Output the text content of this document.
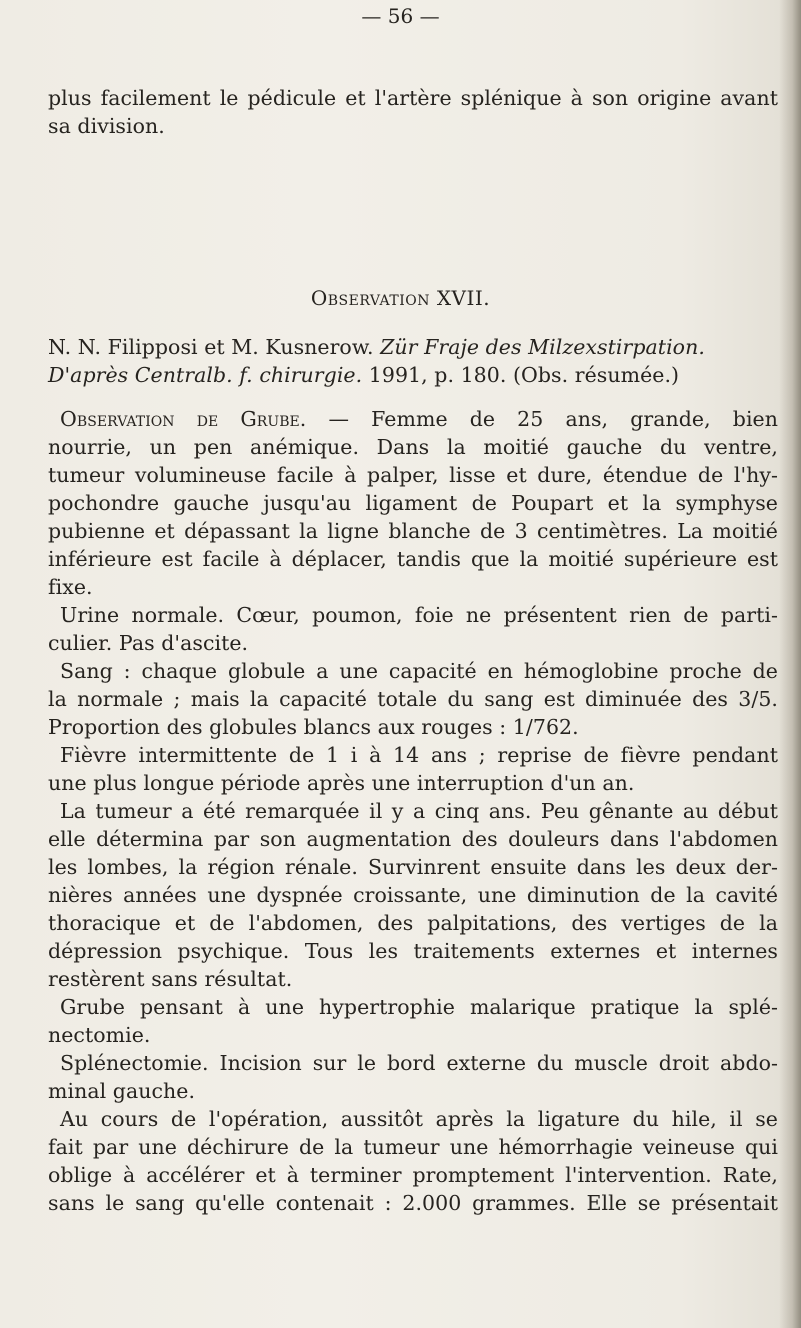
— 56 —
plus facilement le pédicule et l'artère splénique à son origine avant
sa division.
Observation XVII.
N. N. Filipposi et M. Kusnerow. Zür Fraje des Milzexstirpation.
D'après Centralb. f. chirurgie. 1991, p. 180. (Obs. résumée.)
Observation de Grube. — Femme de 25 ans, grande, bien
nourrie, un pen anémique. Dans la moitié gauche du ventre,
tumeur volumineuse facile à palper, lisse et dure, étendue de l'hy-
pochondre gauche jusqu'au ligament de Poupart et la symphyse
pubienne et dépassant la ligne blanche de 3 centimètres. La moitié
inférieure est facile à déplacer, tandis que la moitié supérieure est
fixe.
Urine normale. Cœur, poumon, foie ne présentent rien de parti-
culier. Pas d'ascite.
Sang : chaque globule a une capacité en hémoglobine proche de
la normale ; mais la capacité totale du sang est diminuée des 3/5.
Proportion des globules blancs aux rouges : 1/762.
Fièvre intermittente de 1 i à 14 ans ; reprise de fièvre pendant
une plus longue période après une interruption d'un an.
La tumeur a été remarquée il y a cinq ans. Peu gênante au début
elle détermina par son augmentation des douleurs dans l'abdomen
les lombes, la région rénale. Survinrent ensuite dans les deux der-
nières années une dyspnée croissante, une diminution de la cavité
thoracique et de l'abdomen, des palpitations, des vertiges de la
dépression psychique. Tous les traitements externes et internes
restèrent sans résultat.
Grube pensant à une hypertrophie malarique pratique la splé-
nectomie.
Splénectomie. Incision sur le bord externe du muscle droit abdo-
minal gauche.
Au cours de l'opération, aussitôt après la ligature du hile, il se
fait par une déchirure de la tumeur une hémorrhagie veineuse qui
oblige à accélérer et à terminer promptement l'intervention. Rate,
sans le sang qu'elle contenait : 2.000 grammes. Elle se présentait
